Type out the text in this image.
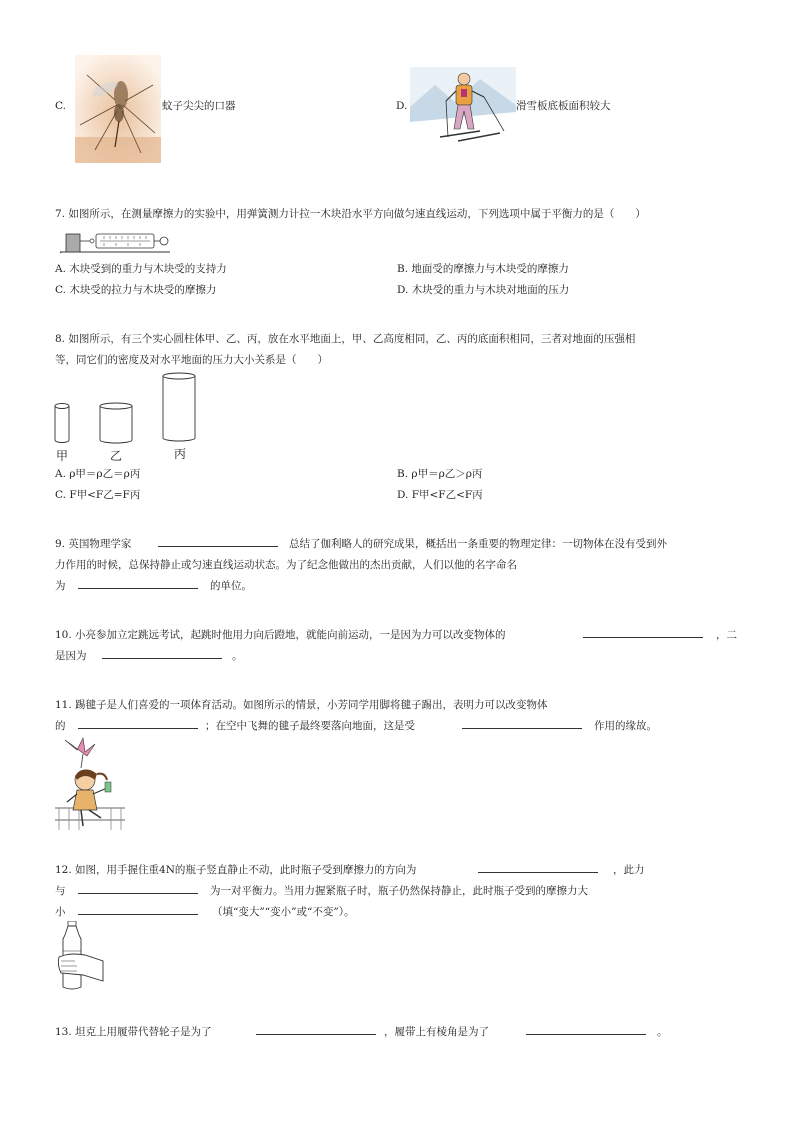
C.	蚊子尖尖的口器	D.	滑雪板底板面积较大
7. 如图所示，在测量摩擦力的实验中，用弹簧测力计拉一木块沿水平方向做匀速直线运动，下列选项中属于平衡力的是（　　）
A. 木块受到的重力与木块受的支持力	B. 地面受的摩擦力与木块受的摩擦力
C. 木块受的拉力与木块受的摩擦力	D. 木块受的重力与木块对地面的压力
8. 如图所示，有三个实心圆柱体甲、乙、丙，放在水平地面上，甲、乙高度相同，乙、丙的底面积相同，三者对地面的压强相
等，同它们的密度及对水平地面的压力大小关系是（　　）
甲	乙	丙
A. ρ甲＝ρ乙＝ρ丙	B. ρ甲＝ρ乙＞ρ丙
C. F甲<F乙=F丙	D. F甲<F乙<F丙
9. 英国物理学家	总结了伽利略人的研究成果，概括出一条重要的物理定律：一切物体在没有受到外
力作用的时候，总保持静止或匀速直线运动状态。为了纪念他做出的杰出贡献，人们以他的名字命名
为	的单位。
10. 小亮参加立定跳远考试，起跳时他用力向后蹬地，就能向前运动，一是因为力可以改变物体的	，二
是因为	。
11. 踢毽子是人们喜爱的一项体育活动。如图所示的情景，小芳同学用脚将毽子踢出，表明力可以改变物体
的	；在空中飞舞的毽子最终要落向地面，这是受	作用的缘故。
12. 如图，用手握住重4N的瓶子竖直静止不动，此时瓶子受到摩擦力的方向为	，此力
与	为一对平衡力。当用力握紧瓶子时，瓶子仍然保持静止，此时瓶子受到的摩擦力大
小	（填“变大”“变小”或“不变”）。
13. 坦克上用履带代替轮子是为了	，履带上有棱角是为了	。
